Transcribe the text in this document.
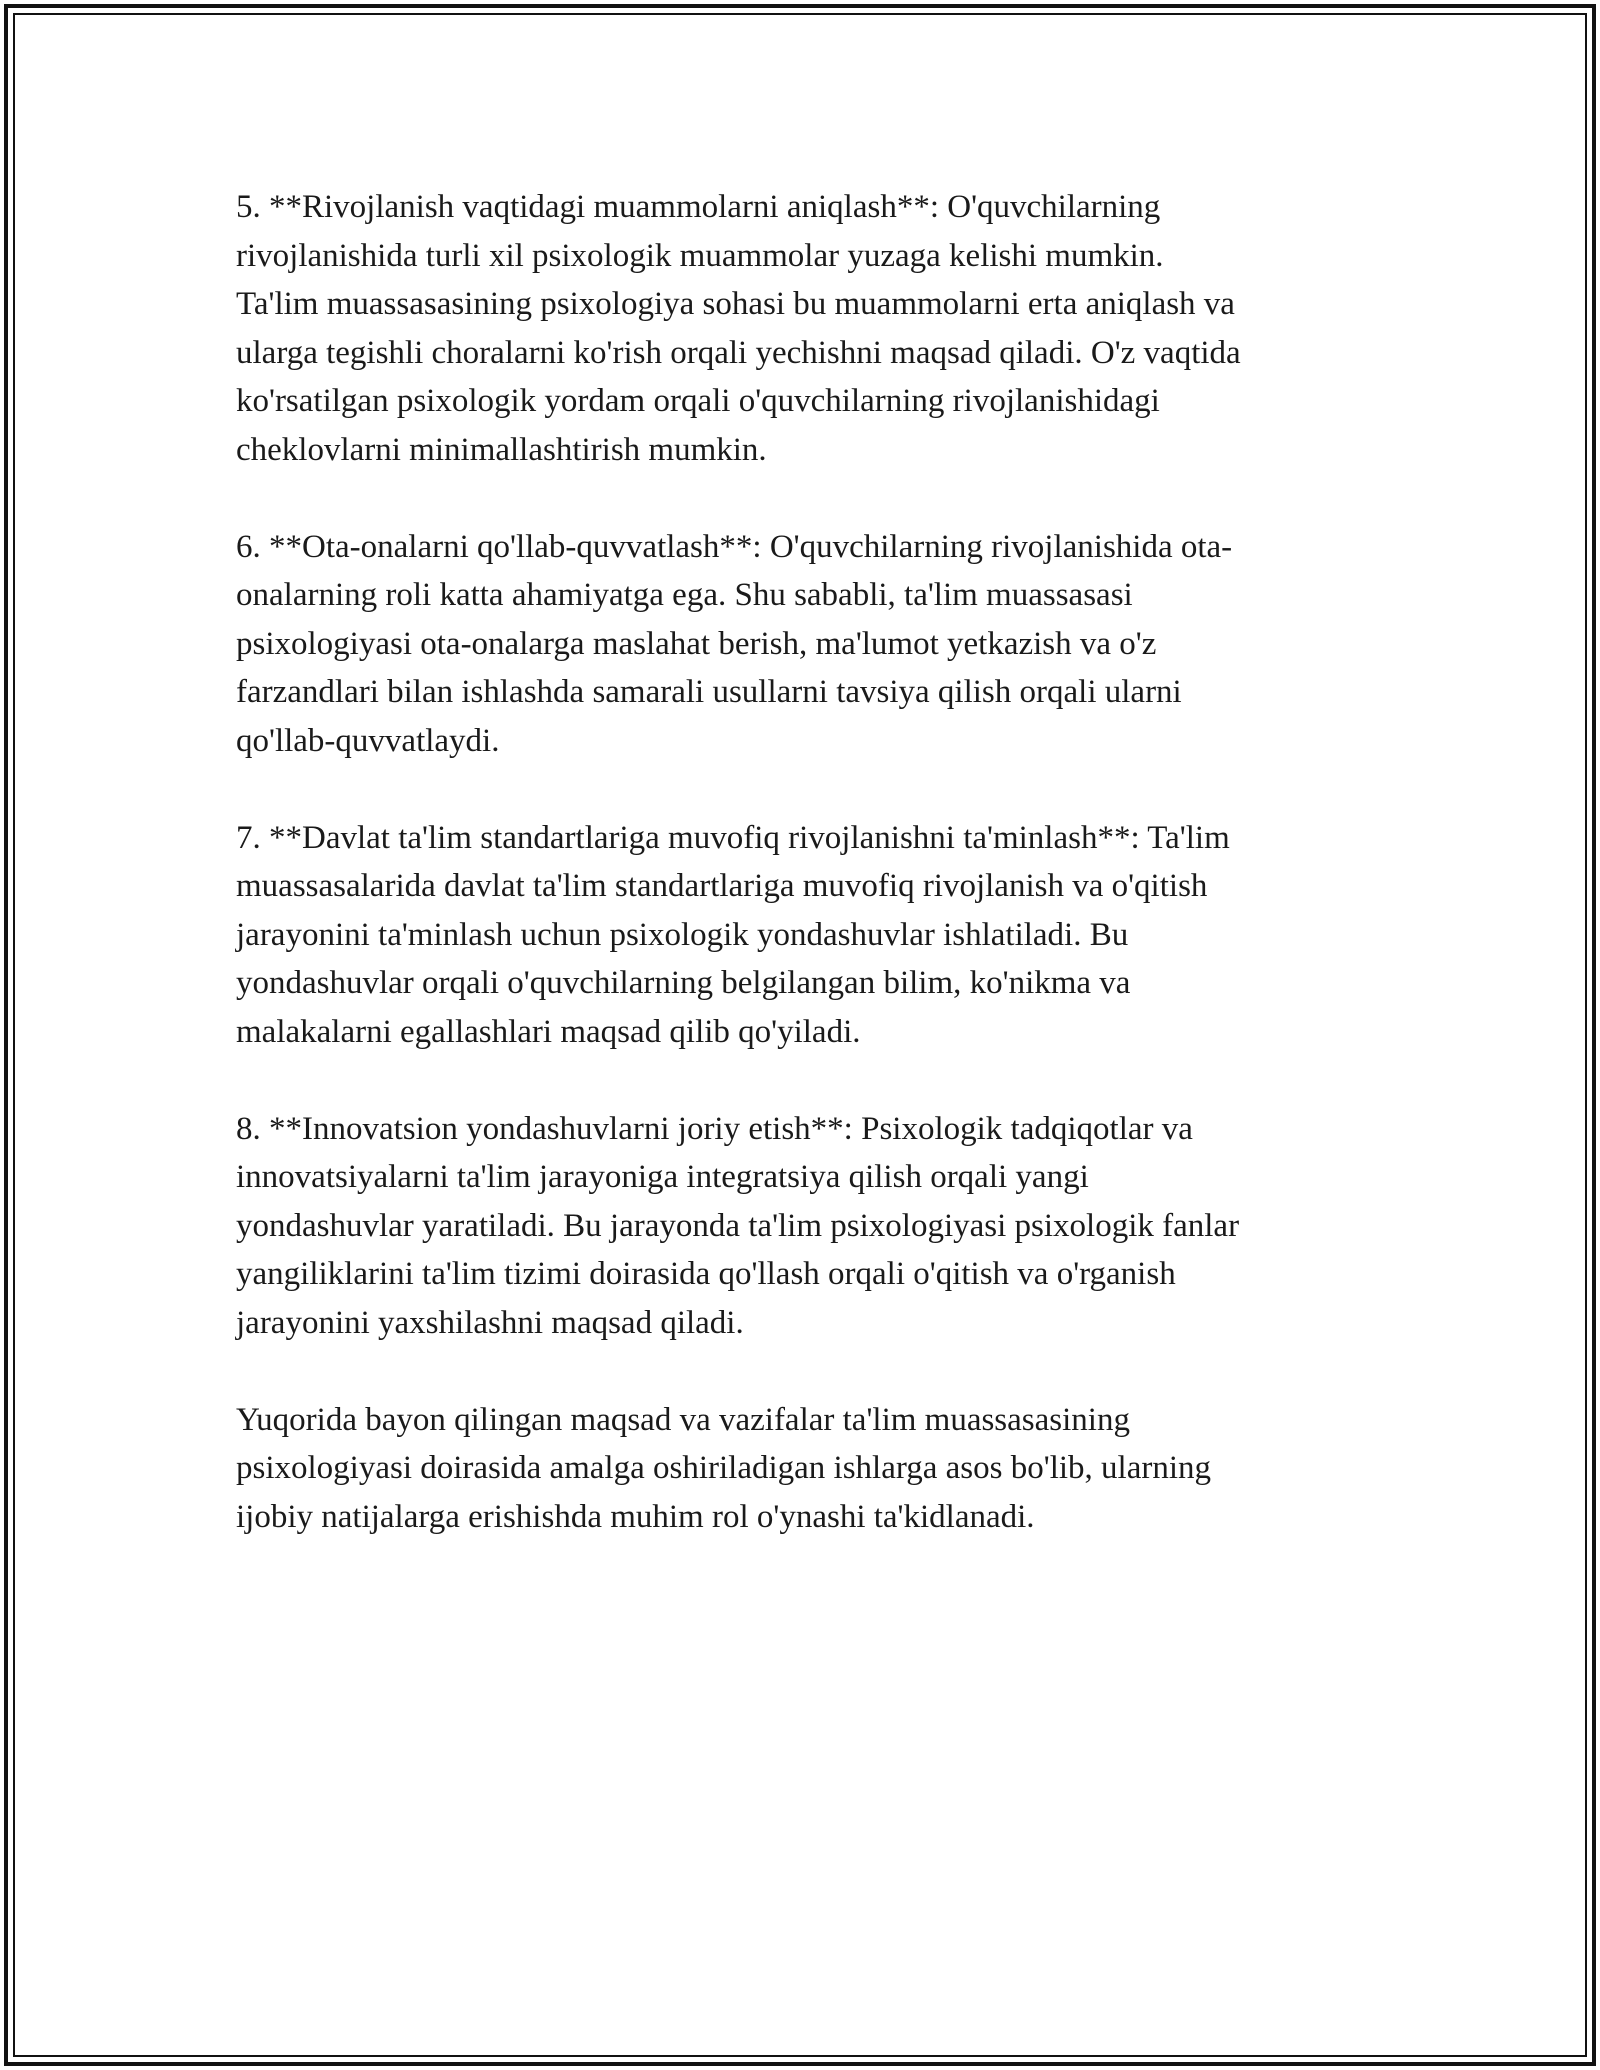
5. **Rivojlanish vaqtidagi muammolarni aniqlash**: O'quvchilarning
rivojlanishida turli xil psixologik muammolar yuzaga kelishi mumkin.
Ta'lim muassasasining psixologiya sohasi bu muammolarni erta aniqlash va
ularga tegishli choralarni ko'rish orqali yechishni maqsad qiladi. O'z vaqtida
ko'rsatilgan psixologik yordam orqali o'quvchilarning rivojlanishidagi
cheklovlarni minimallashtirish mumkin.

6. **Ota-onalarni qo'llab-quvvatlash**: O'quvchilarning rivojlanishida ota-
onalarning roli katta ahamiyatga ega. Shu sababli, ta'lim muassasasi
psixologiyasi ota-onalarga maslahat berish, ma'lumot yetkazish va o'z
farzandlari bilan ishlashda samarali usullarni tavsiya qilish orqali ularni
qo'llab-quvvatlaydi.

7. **Davlat ta'lim standartlariga muvofiq rivojlanishni ta'minlash**: Ta'lim
muassasalarida davlat ta'lim standartlariga muvofiq rivojlanish va o'qitish
jarayonini ta'minlash uchun psixologik yondashuvlar ishlatiladi. Bu
yondashuvlar orqali o'quvchilarning belgilangan bilim, ko'nikma va
malakalarni egallashlari maqsad qilib qo'yiladi.

8. **Innovatsion yondashuvlarni joriy etish**: Psixologik tadqiqotlar va
innovatsiyalarni ta'lim jarayoniga integratsiya qilish orqali yangi
yondashuvlar yaratiladi. Bu jarayonda ta'lim psixologiyasi psixologik fanlar
yangiliklarini ta'lim tizimi doirasida qo'llash orqali o'qitish va o'rganish
jarayonini yaxshilashni maqsad qiladi.

Yuqorida bayon qilingan maqsad va vazifalar ta'lim muassasasining
psixologiyasi doirasida amalga oshiriladigan ishlarga asos bo'lib, ularning
ijobiy natijalarga erishishda muhim rol o'ynashi ta'kidlanadi.
